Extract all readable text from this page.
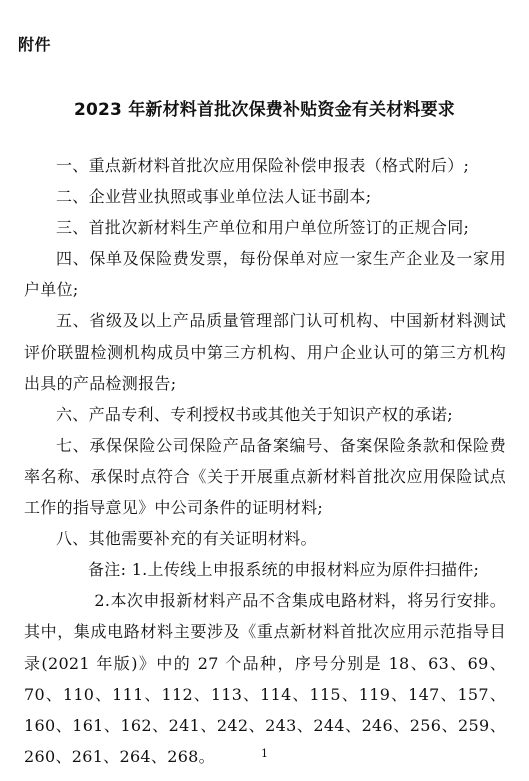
附件
2023 年新材料首批次保费补贴资金有关材料要求

一、重点新材料首批次应用保险补偿申报表（格式附后）;

二、企业营业执照或事业单位法人证书副本;

三、首批次新材料生产单位和用户单位所签订的正规合同;

四、保单及保险费发票，每份保单对应一家生产企业及一家用户单位;

五、省级及以上产品质量管理部门认可机构、中国新材料测试评价联盟检测机构成员中第三方机构、用户企业认可的第三方机构出具的产品检测报告;

六、产品专利、专利授权书或其他关于知识产权的承诺;

七、承保保险公司保险产品备案编号、备案保险条款和保险费率名称、承保时点符合《关于开展重点新材料首批次应用保险试点工作的指导意见》中公司条件的证明材料;

八、其他需要补充的有关证明材料。

备注: 1.上传线上申报系统的申报材料应为原件扫描件;
2.本次申报新材料产品不含集成电路材料，将另行安排。其中，集成电路材料主要涉及《重点新材料首批次应用示范指导目录(2021 年版)》中的 27 个品种，序号分别是 18、63、69、70、110、111、112、113、114、115、119、147、157、160、161、162、241、242、243、244、246、256、259、260、261、264、268。	1
